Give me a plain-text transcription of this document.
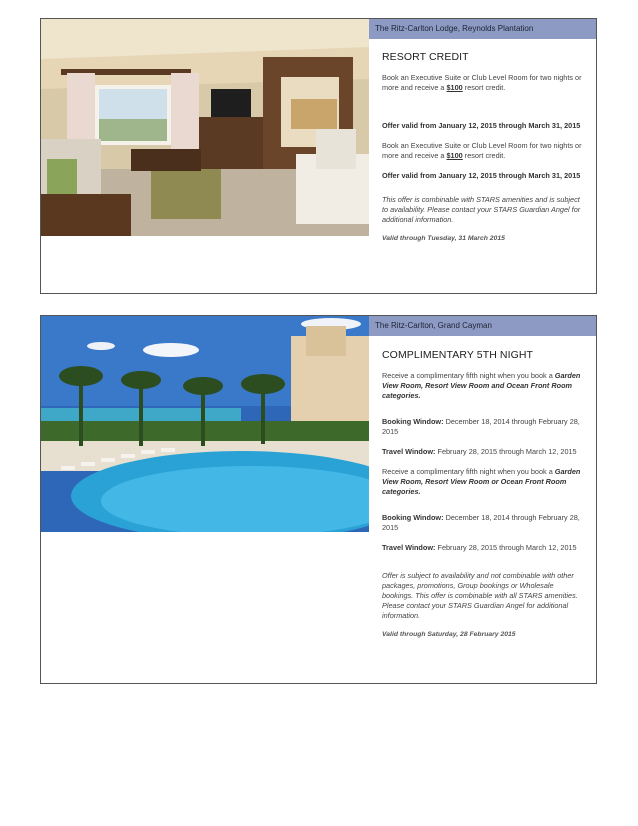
The Ritz-Carlton Lodge, Reynolds Plantation
RESORT CREDIT

Book an Executive Suite or Club Level Room for two nights or more and receive a $100 resort credit.

Offer valid from January 12, 2015 through March 31, 2015

Book an Executive Suite or Club Level Room for two nights or more and receive a $100 resort credit.

Offer valid from January 12, 2015 through March 31, 2015

This offer is combinable with STARS amenities and is subject to availability. Please contact your STARS Guardian Angel for additional information.

Valid through Tuesday, 31 March 2015

The Ritz-Carlton, Grand Cayman
COMPLIMENTARY 5TH NIGHT

Receive a complimentary fifth night when you book a Garden View Room, Resort View Room and Ocean Front Room categories.

Booking Window: December 18, 2014 through February 28, 2015

Travel Window: February 28, 2015 through March 12, 2015

Receive a complimentary fifth night when you book a Garden View Room, Resort View Room or Ocean Front Room categories.

Booking Window: December 18, 2014 through February 28, 2015

Travel Window: February 28, 2015 through March 12, 2015

Offer is subject to availability and not combinable with other packages, promotions, Group bookings or Wholesale bookings. This offer is combinable with all STARS amenities. Please contact your STARS Guardian Angel for additional information.

Valid through Saturday, 28 February 2015
